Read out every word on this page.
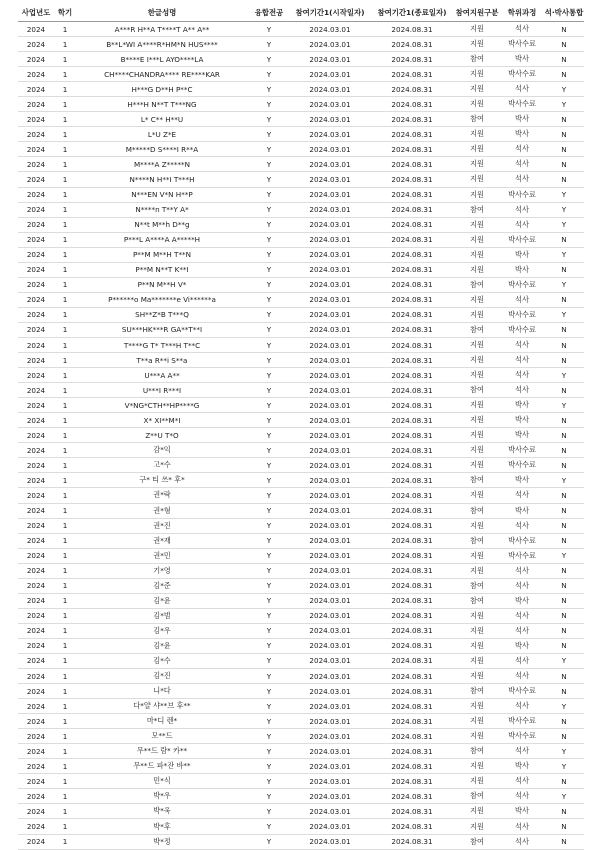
사업년도	학기	한글성명	융합전공	참여기간1(시작일자)	참여기간1(종료일자)	참여지원구분	학위과정	석·박사통합
2024	1	A***R H**A T****T A** A**	Y	2024.03.01	2024.08.31	지원	석사	N
2024	1	B**L*WI A****R*HM*N HUS****	Y	2024.03.01	2024.08.31	지원	박사수료	N
2024	1	B****E I***L AYO****LA	Y	2024.03.01	2024.08.31	참여	박사	N
2024	1	CH****CHANDRA**** RE****KAR	Y	2024.03.01	2024.08.31	지원	박사수료	N
2024	1	H***G D**H P**C	Y	2024.03.01	2024.08.31	지원	석사	Y
2024	1	H***H N**T T***NG	Y	2024.03.01	2024.08.31	지원	박사수료	Y
2024	1	L* C** H**U	Y	2024.03.01	2024.08.31	참여	박사	N
2024	1	L*U Z*E	Y	2024.03.01	2024.08.31	지원	박사	N
2024	1	M*****D S****I R**A	Y	2024.03.01	2024.08.31	지원	석사	N
2024	1	M****A Z*****N	Y	2024.03.01	2024.08.31	지원	석사	N
2024	1	N****N H**I T***H	Y	2024.03.01	2024.08.31	지원	석사	N
2024	1	N***EN V*N H**P	Y	2024.03.01	2024.08.31	지원	박사수료	Y
2024	1	N****n T**Y A*	Y	2024.03.01	2024.08.31	참여	석사	Y
2024	1	N**t M**h D**g	Y	2024.03.01	2024.08.31	지원	석사	Y
2024	1	P***L A****A A*****H	Y	2024.03.01	2024.08.31	지원	박사수료	N
2024	1	P**M M**H T**N	Y	2024.03.01	2024.08.31	지원	박사	Y
2024	1	P**M N**T K**I	Y	2024.03.01	2024.08.31	지원	박사	N
2024	1	P**N M**H V*	Y	2024.03.01	2024.08.31	참여	박사수료	Y
2024	1	P******o Ma*******e Vi******a	Y	2024.03.01	2024.08.31	지원	석사	N
2024	1	SH**Z*B T***Q	Y	2024.03.01	2024.08.31	지원	박사수료	Y
2024	1	SU***HK***R GA**T**I	Y	2024.03.01	2024.08.31	참여	박사수료	N
2024	1	T****G T* T***H T**C	Y	2024.03.01	2024.08.31	지원	석사	N
2024	1	T**a R**i S**a	Y	2024.03.01	2024.08.31	지원	석사	N
2024	1	U***A A**	Y	2024.03.01	2024.08.31	지원	석사	Y
2024	1	U***I R***I	Y	2024.03.01	2024.08.31	참여	석사	N
2024	1	V*NG*CTH**HP****G	Y	2024.03.01	2024.08.31	지원	박사	Y
2024	1	X* XI**M*I	Y	2024.03.01	2024.08.31	지원	박사	N
2024	1	Z**U T*O	Y	2024.03.01	2024.08.31	지원	박사	N
2024	1	감*익	Y	2024.03.01	2024.08.31	지원	박사수료	N
2024	1	고*수	Y	2024.03.01	2024.08.31	지원	박사수료	N
2024	1	구* 티 쓰* 후*	Y	2024.03.01	2024.08.31	참여	박사	Y
2024	1	권*락	Y	2024.03.01	2024.08.31	지원	석사	N
2024	1	권*형	Y	2024.03.01	2024.08.31	참여	박사	N
2024	1	권*진	Y	2024.03.01	2024.08.31	지원	석사	N
2024	1	권*재	Y	2024.03.01	2024.08.31	참여	박사수료	N
2024	1	권*민	Y	2024.03.01	2024.08.31	지원	박사수료	Y
2024	1	기*영	Y	2024.03.01	2024.08.31	지원	석사	N
2024	1	김*준	Y	2024.03.01	2024.08.31	참여	석사	N
2024	1	김*윤	Y	2024.03.01	2024.08.31	참여	박사	N
2024	1	김*범	Y	2024.03.01	2024.08.31	지원	석사	N
2024	1	김*우	Y	2024.03.01	2024.08.31	지원	석사	N
2024	1	김*윤	Y	2024.03.01	2024.08.31	지원	박사	N
2024	1	김*수	Y	2024.03.01	2024.08.31	지원	석사	Y
2024	1	김*진	Y	2024.03.01	2024.08.31	지원	석사	N
2024	1	니*다	Y	2024.03.01	2024.08.31	참여	박사수료	N
2024	1	다*얄 샤**브 후**	Y	2024.03.01	2024.08.31	지원	석사	Y
2024	1	마*디 렌*	Y	2024.03.01	2024.08.31	지원	박사수료	N
2024	1	모**드	Y	2024.03.01	2024.08.31	지원	박사수료	N
2024	1	무**드 람* 카**	Y	2024.03.01	2024.08.31	참여	석사	Y
2024	1	무**드 파*잔 바**	Y	2024.03.01	2024.08.31	지원	박사	Y
2024	1	민*식	Y	2024.03.01	2024.08.31	지원	석사	N
2024	1	박*우	Y	2024.03.01	2024.08.31	참여	석사	Y
2024	1	박*욱	Y	2024.03.01	2024.08.31	지원	박사	N
2024	1	박*후	Y	2024.03.01	2024.08.31	지원	석사	N
2024	1	박*정	Y	2024.03.01	2024.08.31	참여	석사	N
